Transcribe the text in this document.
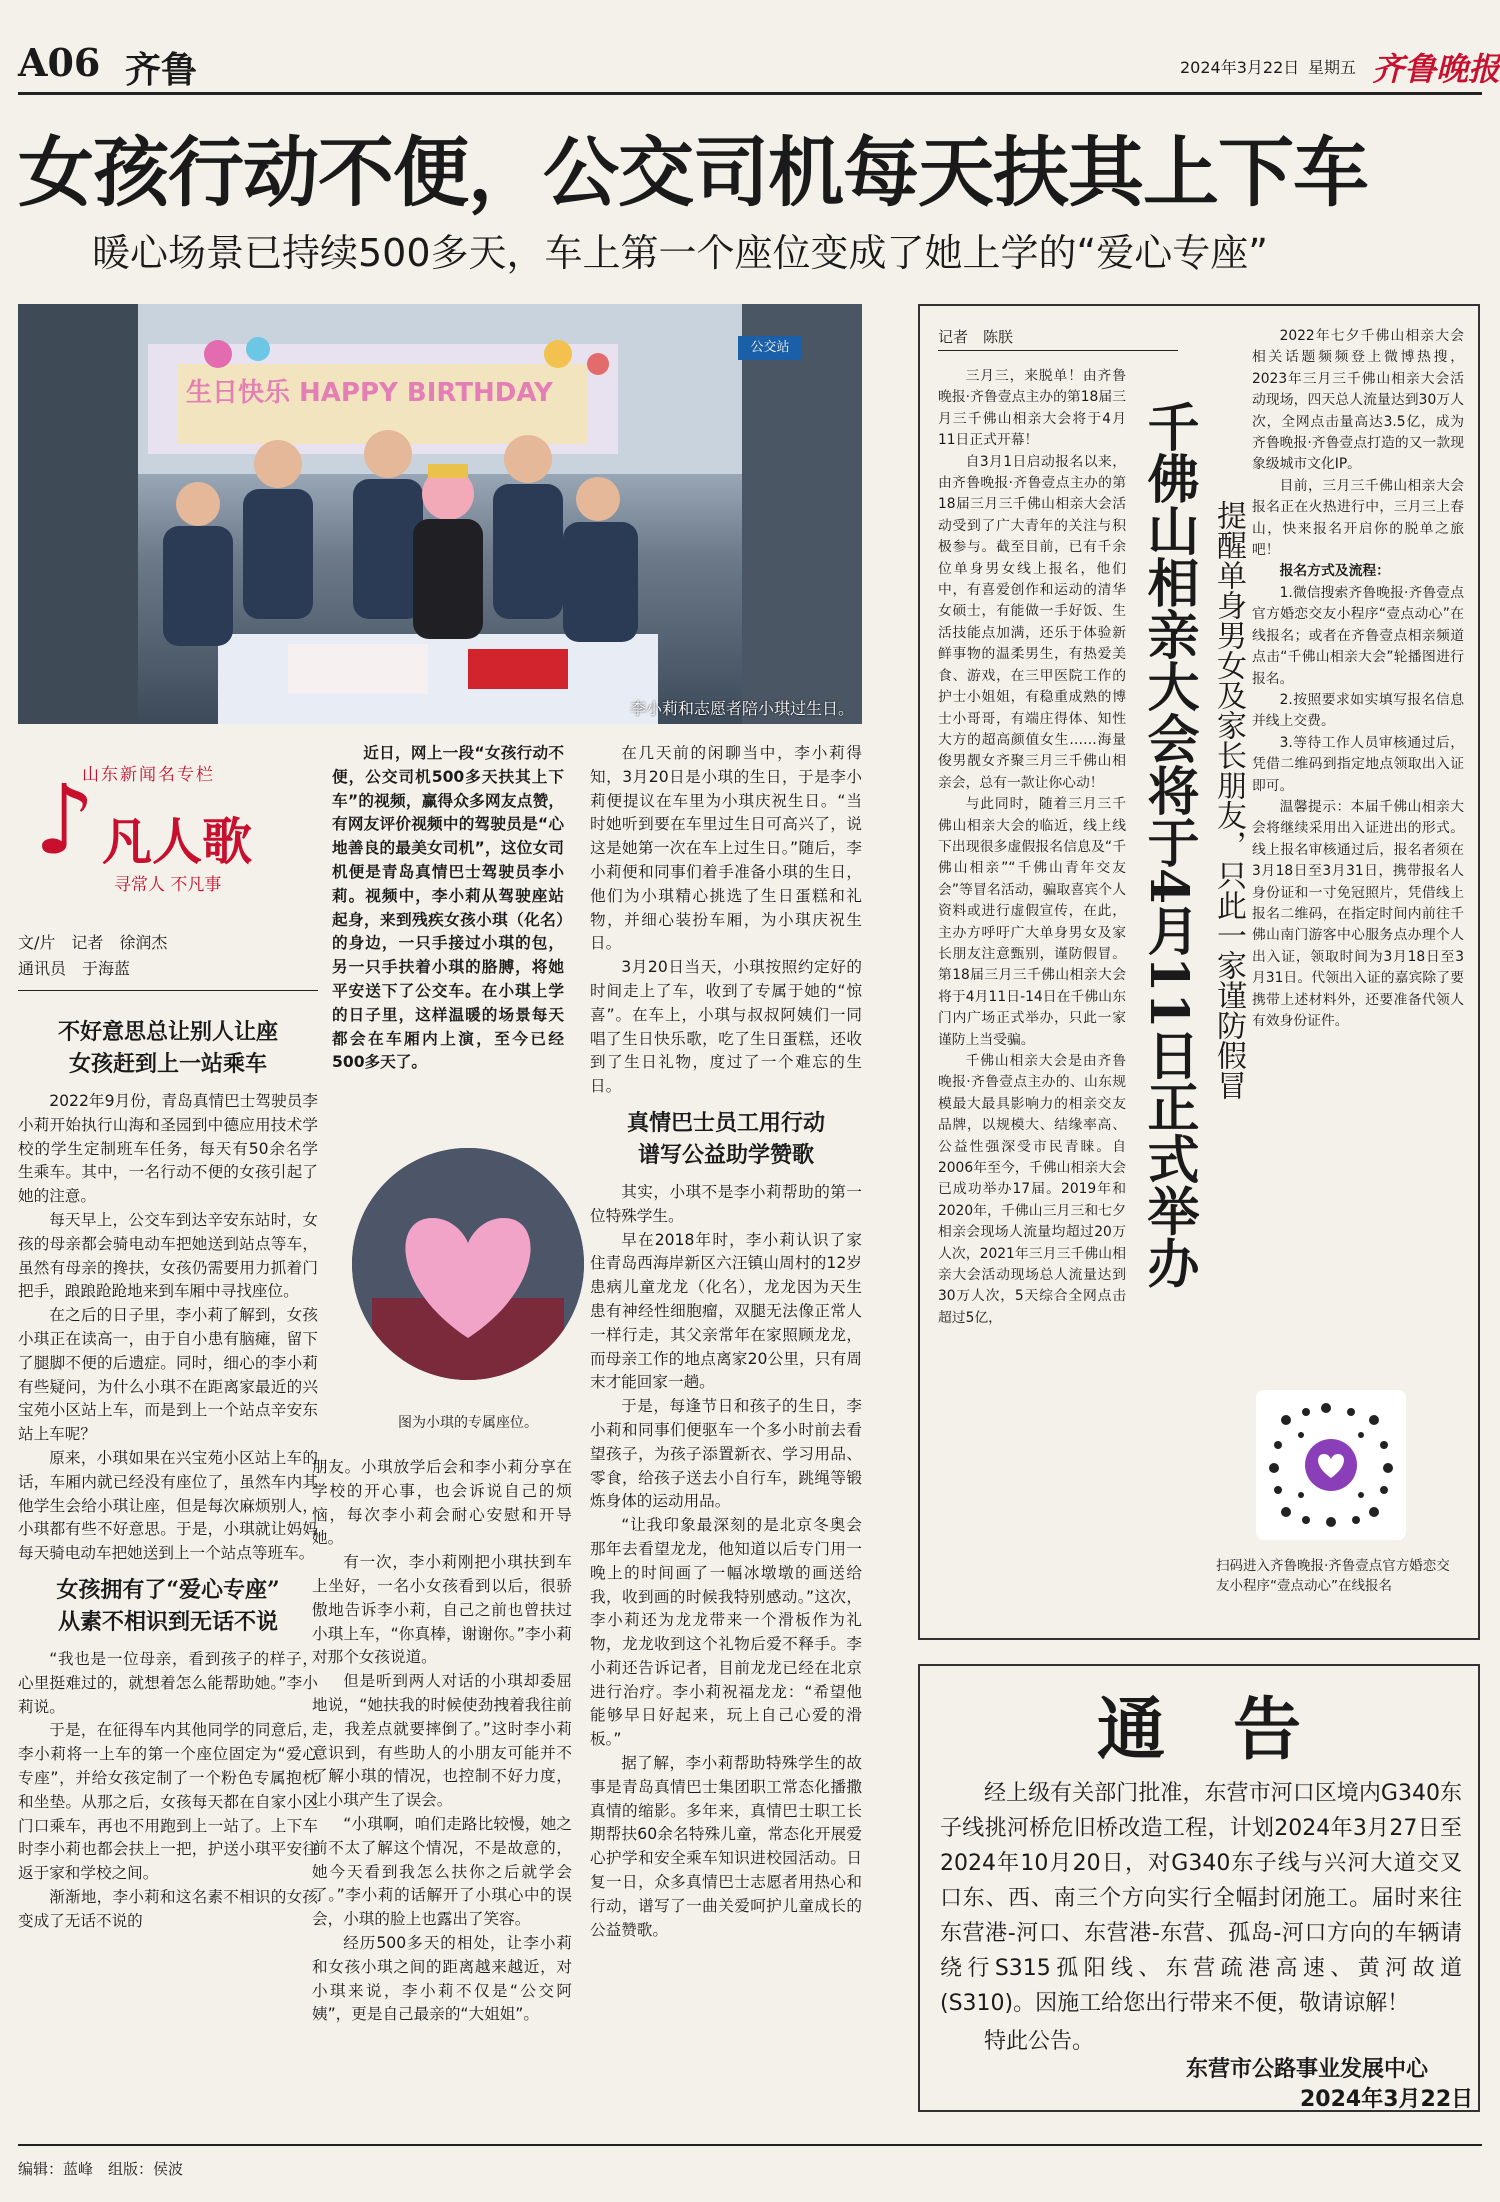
A06 齐鲁	2024年3月22日 星期五 齐鲁晚报
女孩行动不便，公交司机每天扶其上下车
暖心场景已持续500多天，车上第一个座位变成了她上学的“爱心专座”
生日快乐 HAPPY BIRTHDAY
公交站
李小莉和志愿者陪小琪过生日。
山东新闻名专栏
♪ 凡人歌
寻常人 不凡事
文/片　记者　徐润杰
通讯员　于海蓝
不好意思总让别人让座
女孩赶到上一站乘车

2022年9月份，青岛真情巴士驾驶员李小莉开始执行山海和圣园到中德应用技术学校的学生定制班车任务，每天有50余名学生乘车。其中，一名行动不便的女孩引起了她的注意。

每天早上，公交车到达辛安东站时，女孩的母亲都会骑电动车把她送到站点等车，虽然有母亲的搀扶，女孩仍需要用力抓着门把手，踉踉跄跄地来到车厢中寻找座位。

在之后的日子里，李小莉了解到，女孩小琪正在读高一，由于自小患有脑瘫，留下了腿脚不便的后遗症。同时，细心的李小莉有些疑问，为什么小琪不在距离家最近的兴宝苑小区站上车，而是到上一个站点辛安东站上车呢？

原来，小琪如果在兴宝苑小区站上车的话，车厢内就已经没有座位了，虽然车内其他学生会给小琪让座，但是每次麻烦别人，小琪都有些不好意思。于是，小琪就让妈妈每天骑电动车把她送到上一个站点等班车。

女孩拥有了“爱心专座”
从素不相识到无话不说

“我也是一位母亲，看到孩子的样子，心里挺难过的，就想着怎么能帮助她。”李小莉说。

于是，在征得车内其他同学的同意后，李小莉将一上车的第一个座位固定为“爱心专座”，并给女孩定制了一个粉色专属抱枕和坐垫。从那之后，女孩每天都在自家小区门口乘车，再也不用跑到上一站了。上下车时李小莉也都会扶上一把，护送小琪平安往返于家和学校之间。

渐渐地，李小莉和这名素不相识的女孩变成了无话不说的

近日，网上一段“女孩行动不便，公交司机500多天扶其上下车”的视频，赢得众多网友点赞，有网友评价视频中的驾驶员是“心地善良的最美女司机”，这位女司机便是青岛真情巴士驾驶员李小莉。视频中，李小莉从驾驶座站起身，来到残疾女孩小琪（化名）的身边，一只手接过小琪的包，另一只手扶着小琪的胳膊，将她平安送下了公交车。在小琪上学的日子里，这样温暖的场景每天都会在车厢内上演，至今已经500多天了。

图为小琪的专属座位。

朋友。小琪放学后会和李小莉分享在学校的开心事，也会诉说自己的烦恼，每次李小莉会耐心安慰和开导她。

有一次，李小莉刚把小琪扶到车上坐好，一名小女孩看到以后，很骄傲地告诉李小莉，自己之前也曾扶过小琪上车，“你真棒，谢谢你。”李小莉对那个女孩说道。

但是听到两人对话的小琪却委屈地说，“她扶我的时候使劲拽着我往前走，我差点就要摔倒了。”这时李小莉意识到，有些助人的小朋友可能并不了解小琪的情况，也控制不好力度，让小琪产生了误会。

“小琪啊，咱们走路比较慢，她之前不太了解这个情况，不是故意的，她今天看到我怎么扶你之后就学会了。”李小莉的话解开了小琪心中的误会，小琪的脸上也露出了笑容。

经历500多天的相处，让李小莉和女孩小琪之间的距离越来越近，对小琪来说，李小莉不仅是“公交阿姨”，更是自己最亲的“大姐姐”。

在几天前的闲聊当中，李小莉得知，3月20日是小琪的生日，于是李小莉便提议在车里为小琪庆祝生日。“当时她听到要在车里过生日可高兴了，说这是她第一次在车上过生日。”随后，李小莉便和同事们着手准备小琪的生日，他们为小琪精心挑选了生日蛋糕和礼物，并细心装扮车厢，为小琪庆祝生日。

3月20日当天，小琪按照约定好的时间走上了车，收到了专属于她的“惊喜”。在车上，小琪与叔叔阿姨们一同唱了生日快乐歌，吃了生日蛋糕，还收到了生日礼物，度过了一个难忘的生日。

真情巴士员工用行动
谱写公益助学赞歌

其实，小琪不是李小莉帮助的第一位特殊学生。

早在2018年时，李小莉认识了家住青岛西海岸新区六汪镇山周村的12岁患病儿童龙龙（化名），龙龙因为天生患有神经性细胞瘤，双腿无法像正常人一样行走，其父亲常年在家照顾龙龙，而母亲工作的地点离家20公里，只有周末才能回家一趟。

于是，每逢节日和孩子的生日，李小莉和同事们便驱车一个多小时前去看望孩子，为孩子添置新衣、学习用品、零食，给孩子送去小自行车，跳绳等锻炼身体的运动用品。

“让我印象最深刻的是北京冬奥会那年去看望龙龙，他知道以后专门用一晚上的时间画了一幅冰墩墩的画送给我，收到画的时候我特别感动。”这次，李小莉还为龙龙带来一个滑板作为礼物，龙龙收到这个礼物后爱不释手。李小莉还告诉记者，目前龙龙已经在北京进行治疗。李小莉祝福龙龙：“希望他能够早日好起来，玩上自己心爱的滑板。”

据了解，李小莉帮助特殊学生的故事是青岛真情巴士集团职工常态化播撒真情的缩影。多年来，真情巴士职工长期帮扶60余名特殊儿童，常态化开展爱心护学和安全乘车知识进校园活动。日复一日，众多真情巴士志愿者用热心和行动，谱写了一曲关爱呵护儿童成长的公益赞歌。

记者　陈朕

三月三，来脱单！由齐鲁晚报·齐鲁壹点主办的第18届三月三千佛山相亲大会将于4月11日正式开幕！

自3月1日启动报名以来，由齐鲁晚报·齐鲁壹点主办的第18届三月三千佛山相亲大会活动受到了广大青年的关注与积极参与。截至目前，已有千余位单身男女线上报名，他们中，有喜爱创作和运动的清华女硕士，有能做一手好饭、生活技能点加满，还乐于体验新鲜事物的温柔男生，有热爱美食、游戏，在三甲医院工作的护士小姐姐，有稳重成熟的博士小哥哥，有端庄得体、知性大方的超高颜值女生……海量俊男靓女齐聚三月三千佛山相亲会，总有一款让你心动！

与此同时，随着三月三千佛山相亲大会的临近，线上线下出现很多虚假报名信息及“千佛山相亲”“千佛山青年交友会”等冒名活动，骗取喜宾个人资料或进行虚假宣传，在此，主办方呼吁广大单身男女及家长朋友注意甄别，谨防假冒。第18届三月三千佛山相亲大会将于4月11日-14日在千佛山东门内广场正式举办，只此一家谨防上当受骗。

千佛山相亲大会是由齐鲁晚报·齐鲁壹点主办的、山东规模最大最具影响力的相亲交友品牌，以规模大、结缘率高、公益性强深受市民青睐。自2006年至今，千佛山相亲大会已成功举办17届。2019年和2020年，千佛山三月三和七夕相亲会现场人流量均超过20万人次，2021年三月三千佛山相亲大会活动现场总人流量达到30万人次，5天综合全网点击超过5亿，

千佛山相亲大会将于4月11日正式举办 提醒单身男女及家长朋友，只此一家谨防假冒

2022年七夕千佛山相亲大会相关话题频频登上微博热搜，2023年三月三千佛山相亲大会活动现场，四天总人流量达到30万人次，全网点击量高达3.5亿，成为齐鲁晚报·齐鲁壹点打造的又一款现象级城市文化IP。

目前，三月三千佛山相亲大会报名正在火热进行中，三月三上春山，快来报名开启你的脱单之旅吧！

报名方式及流程：

1.微信搜索齐鲁晚报·齐鲁壹点官方婚恋交友小程序“壹点动心”在线报名；或者在齐鲁壹点相亲频道点击“千佛山相亲大会”轮播图进行报名。

2.按照要求如实填写报名信息并线上交费。

3.等待工作人员审核通过后，凭借二维码到指定地点领取出入证即可。

温馨提示：本届千佛山相亲大会将继续采用出入证进出的形式。线上报名审核通过后，报名者须在3月18日至3月31日，携带报名人身份证和一寸免冠照片，凭借线上报名二维码，在指定时间内前往千佛山南门游客中心服务点办理个人出入证，领取时间为3月18日至3月31日。代领出入证的嘉宾除了要携带上述材料外，还要准备代领人有效身份证件。

扫码进入齐鲁晚报·齐鲁壹点官方婚恋交友小程序“壹点动心”在线报名
通　告
经上级有关部门批准，东营市河口区境内G340东子线挑河桥危旧桥改造工程，计划2024年3月27日至2024年10月20日，对G340东子线与兴河大道交叉口东、西、南三个方向实行全幅封闭施工。届时来往东营港-河口、东营港-东营、孤岛-河口方向的车辆请绕行S315孤阳线、东营疏港高速、黄河故道(S310)。因施工给您出行带来不便，敬请谅解！
特此公告。
东营市公路事业发展中心
2024年3月22日
编辑：蓝峰　组版：侯波
